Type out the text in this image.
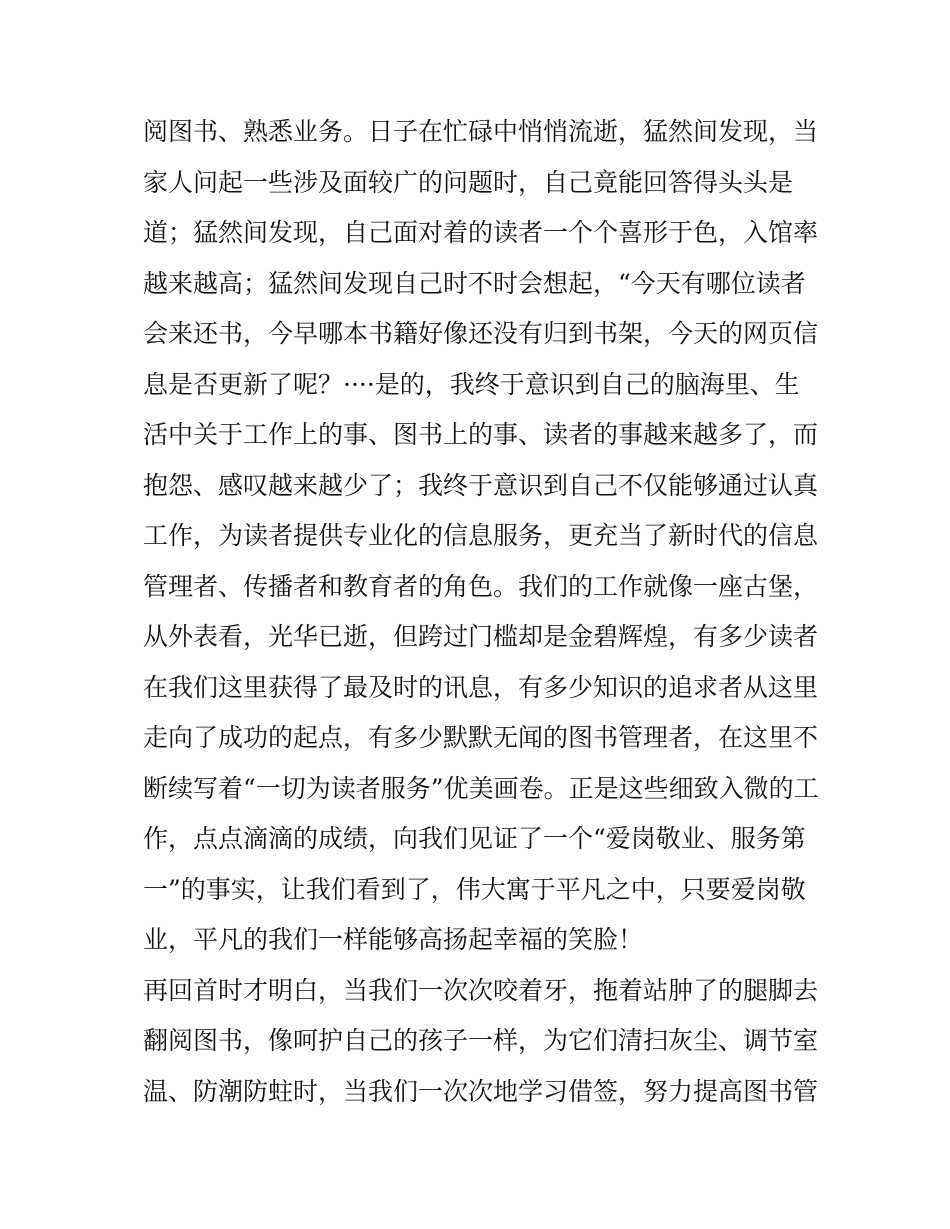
阅图书、熟悉业务。日子在忙碌中悄悄流逝，猛然间发现，当
家人问起一些涉及面较广的问题时，自己竟能回答得头头是
道；猛然间发现，自己面对着的读者一个个喜形于色，入馆率
越来越高；猛然间发现自己时不时会想起，“今天有哪位读者
会来还书，今早哪本书籍好像还没有归到书架，今天的网页信
息是否更新了呢？····是的，我终于意识到自己的脑海里、生
活中关于工作上的事、图书上的事、读者的事越来越多了，而
抱怨、感叹越来越少了；我终于意识到自己不仅能够通过认真
工作，为读者提供专业化的信息服务，更充当了新时代的信息
管理者、传播者和教育者的角色。我们的工作就像一座古堡，
从外表看，光华已逝，但跨过门槛却是金碧辉煌，有多少读者
在我们这里获得了最及时的讯息，有多少知识的追求者从这里
走向了成功的起点，有多少默默无闻的图书管理者，在这里不
断续写着“一切为读者服务”优美画卷。正是这些细致入微的工
作，点点滴滴的成绩，向我们见证了一个“爱岗敬业、服务第
一”的事实，让我们看到了，伟大寓于平凡之中，只要爱岗敬
业，平凡的我们一样能够高扬起幸福的笑脸！
再回首时才明白，当我们一次次咬着牙，拖着站肿了的腿脚去
翻阅图书，像呵护自己的孩子一样，为它们清扫灰尘、调节室
温、防潮防蛀时，当我们一次次地学习借签，努力提高图书管
